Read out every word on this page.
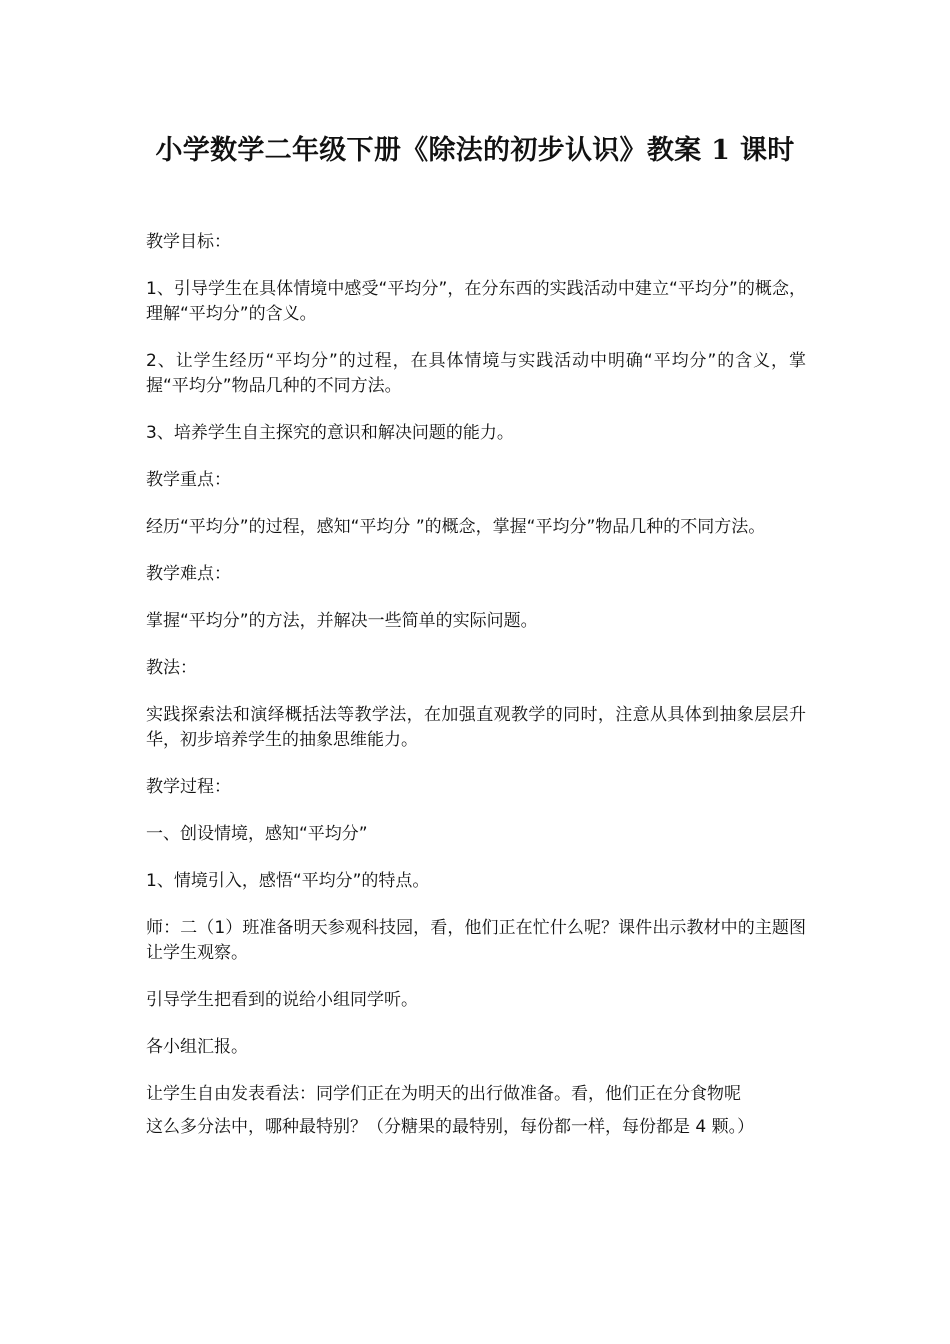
小学数学二年级下册《除法的初步认识》教案 1 课时

教学目标：

1、引导学生在具体情境中感受“平均分”，在分东西的实践活动中建立“平均分”的概念，理解“平均分”的含义。

2、让学生经历“平均分”的过程，在具体情境与实践活动中明确“平均分”的含义，掌握“平均分”物品几种的不同方法。

3、培养学生自主探究的意识和解决问题的能力。

教学重点：

经历“平均分”的过程，感知“平均分 ”的概念，掌握“平均分”物品几种的不同方法。

教学难点：

掌握“平均分”的方法，并解决一些简单的实际问题。

教法：

实践探索法和演绎概括法等教学法，在加强直观教学的同时，注意从具体到抽象层层升华，初步培养学生的抽象思维能力。

教学过程：

一、创设情境，感知“平均分”

1、情境引入，感悟“平均分”的特点。

师：二（1）班准备明天参观科技园，看，他们正在忙什么呢？课件出示教材中的主题图让学生观察。

引导学生把看到的说给小组同学听。

各小组汇报。

让学生自由发表看法：同学们正在为明天的出行做准备。看，他们正在分食物呢

这么多分法中，哪种最特别？（分糖果的最特别，每份都一样，每份都是 4 颗。）
